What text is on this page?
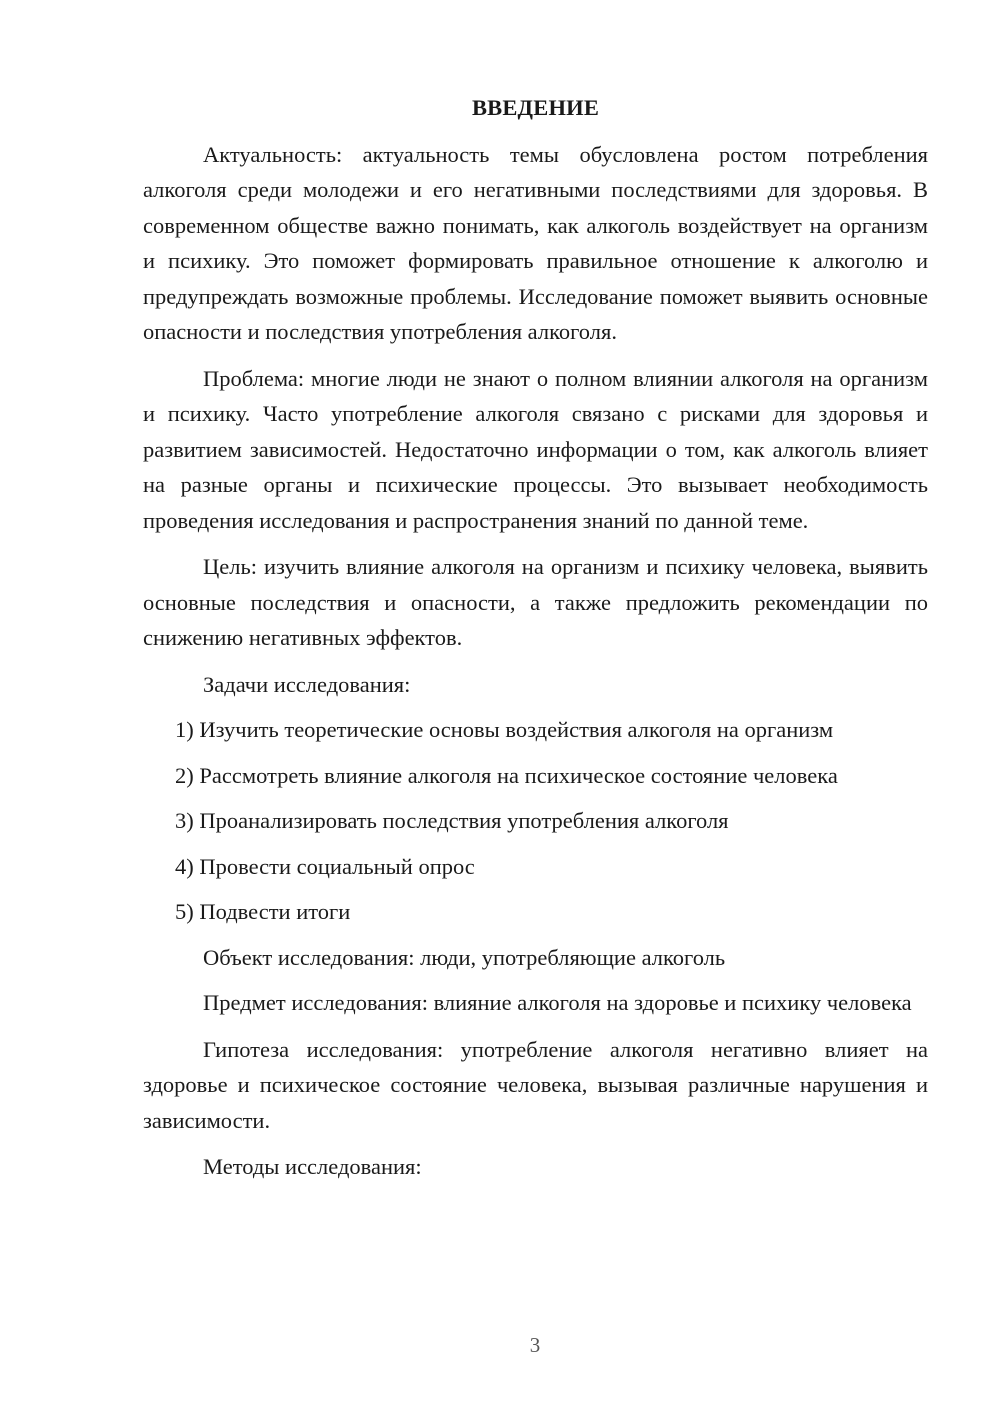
ВВЕДЕНИЕ

Актуальность: актуальность темы обусловлена ростом потребления алкоголя среди молодежи и его негативными последствиями для здоровья. В современном обществе важно понимать, как алкоголь воздействует на организм и психику. Это поможет формировать правильное отношение к алкоголю и предупреждать возможные проблемы. Исследование поможет выявить основные опасности и последствия употребления алкоголя.

Проблема: многие люди не знают о полном влиянии алкоголя на организм и психику. Часто употребление алкоголя связано с рисками для здоровья и развитием зависимостей. Недостаточно информации о том, как алкоголь влияет на разные органы и психические процессы. Это вызывает необходимость проведения исследования и распространения знаний по данной теме.

Цель: изучить влияние алкоголя на организм и психику человека, выявить основные последствия и опасности, а также предложить рекомендации по снижению негативных эффектов.

Задачи исследования:

1) Изучить теоретические основы воздействия алкоголя на организм
2) Рассмотреть влияние алкоголя на психическое состояние человека
3) Проанализировать последствия употребления алкоголя
4) Провести социальный опрос
5) Подвести итоги

Объект исследования: люди, употребляющие алкоголь

Предмет исследования: влияние алкоголя на здоровье и психику человека

Гипотеза исследования: употребление алкоголя негативно влияет на здоровье и психическое состояние человека, вызывая различные нарушения и зависимости.

Методы исследования:

3
